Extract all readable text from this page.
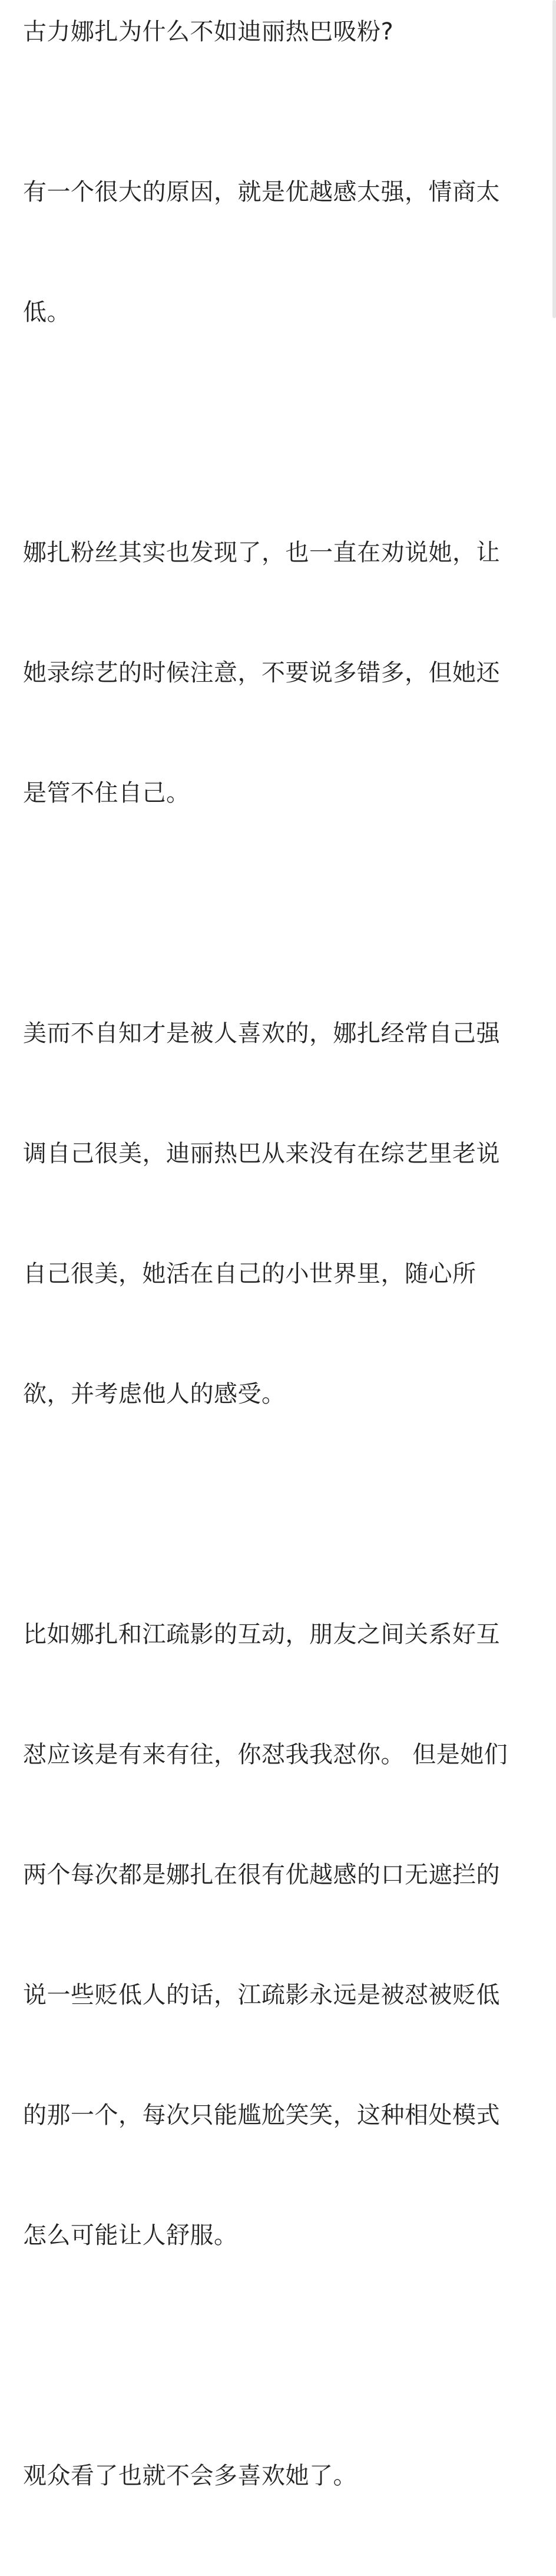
古力娜扎为什么不如迪丽热巴吸粉?

有一个很大的原因，就是优越感太强，情商太

低。

娜扎粉丝其实也发现了，也一直在劝说她，让

她录综艺的时候注意，不要说多错多，但她还

是管不住自己。

美而不自知才是被人喜欢的，娜扎经常自己强

调自己很美，迪丽热巴从来没有在综艺里老说

自己很美，她活在自己的小世界里，随心所

欲，并考虑他人的感受。

比如娜扎和江疏影的互动，朋友之间关系好互

怼应该是有来有往，你怼我我怼你。 但是她们

两个每次都是娜扎在很有优越感的口无遮拦的

说一些贬低人的话，江疏影永远是被怼被贬低

的那一个，每次只能尴尬笑笑，这种相处模式

怎么可能让人舒服。

观众看了也就不会多喜欢她了。
